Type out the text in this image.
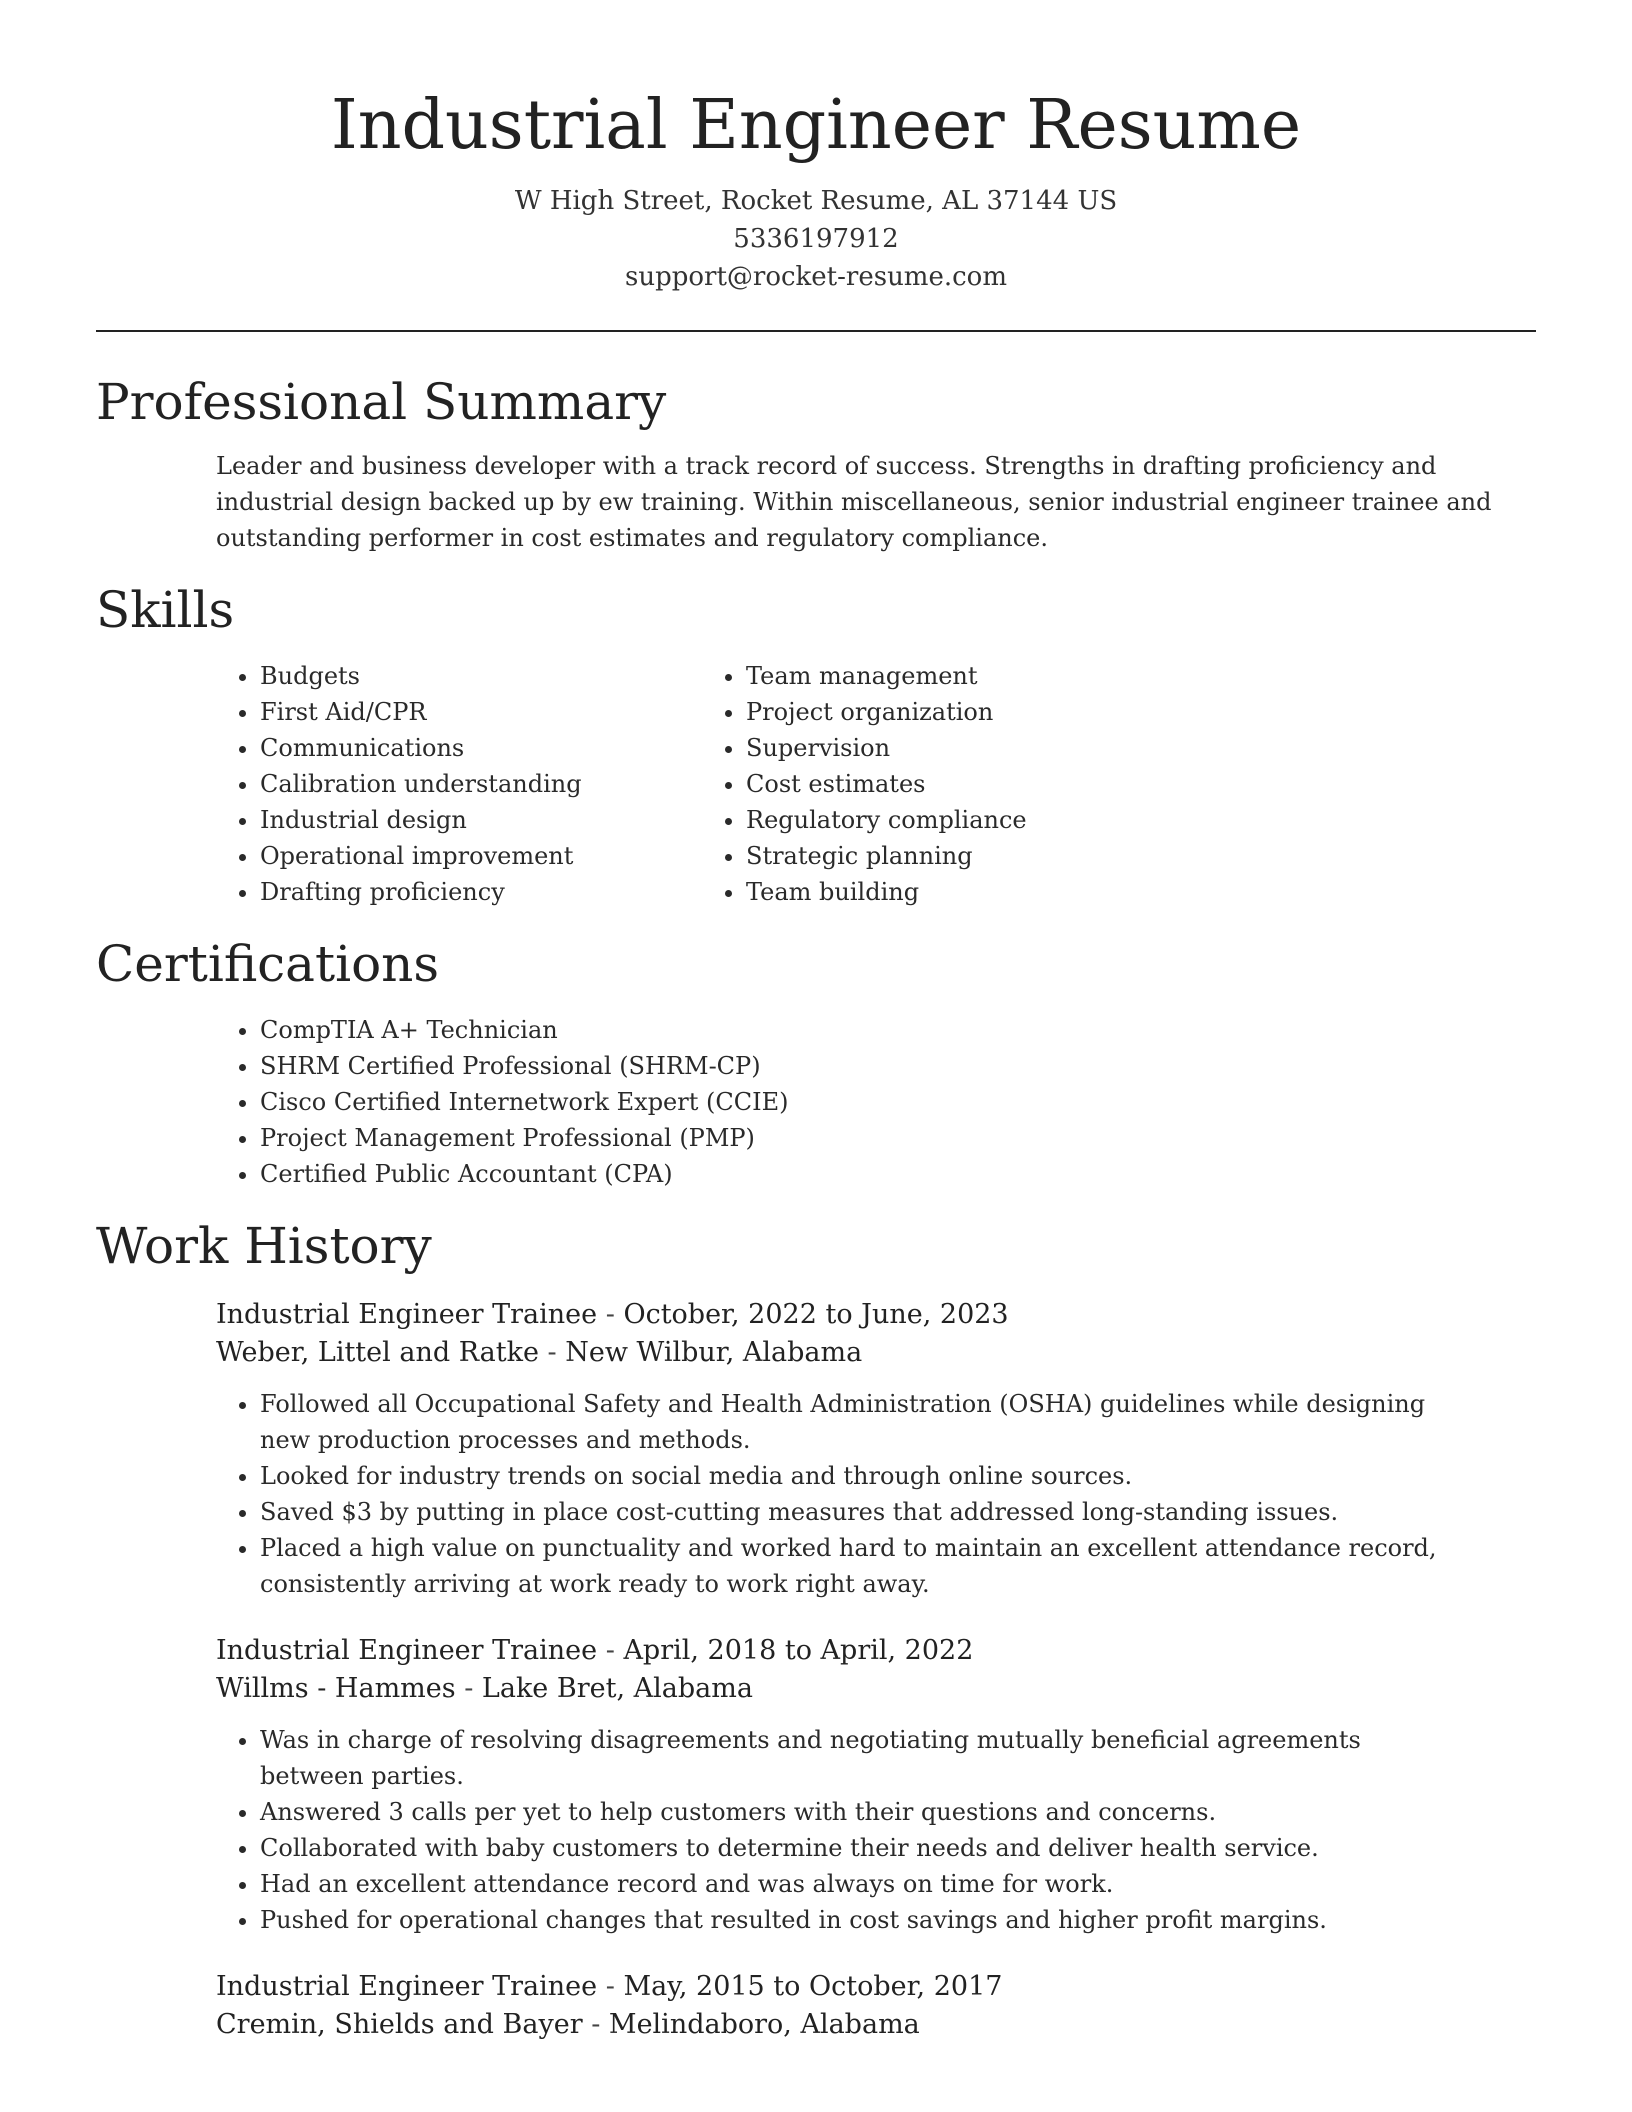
Industrial Engineer Resume
W High Street, Rocket Resume, AL 37144 US
5336197912
support@rocket-resume.com
Professional Summary

Leader and business developer with a track record of success. Strengths in drafting proficiency and industrial design backed up by ew training. Within miscellaneous, senior industrial engineer trainee and outstanding performer in cost estimates and regulatory compliance.

Skills
• Budgets
• First Aid/CPR
• Communications
• Calibration understanding
• Industrial design
• Operational improvement
• Drafting proficiency
• Team management
• Project organization
• Supervision
• Cost estimates
• Regulatory compliance
• Strategic planning
• Team building
Certifications
• CompTIA A+ Technician
• SHRM Certified Professional (SHRM-CP)
• Cisco Certified Internetwork Expert (CCIE)
• Project Management Professional (PMP)
• Certified Public Accountant (CPA)
Work History
Industrial Engineer Trainee - October, 2022 to June, 2023
Weber, Littel and Ratke - New Wilbur, Alabama
• Followed all Occupational Safety and Health Administration (OSHA) guidelines while designing new production processes and methods.
• Looked for industry trends on social media and through online sources.
• Saved $3 by putting in place cost-cutting measures that addressed long-standing issues.
• Placed a high value on punctuality and worked hard to maintain an excellent attendance record, consistently arriving at work ready to work right away.
Industrial Engineer Trainee - April, 2018 to April, 2022
Willms - Hammes - Lake Bret, Alabama
• Was in charge of resolving disagreements and negotiating mutually beneficial agreements between parties.
• Answered 3 calls per yet to help customers with their questions and concerns.
• Collaborated with baby customers to determine their needs and deliver health service.
• Had an excellent attendance record and was always on time for work.
• Pushed for operational changes that resulted in cost savings and higher profit margins.
Industrial Engineer Trainee - May, 2015 to October, 2017
Cremin, Shields and Bayer - Melindaboro, Alabama
